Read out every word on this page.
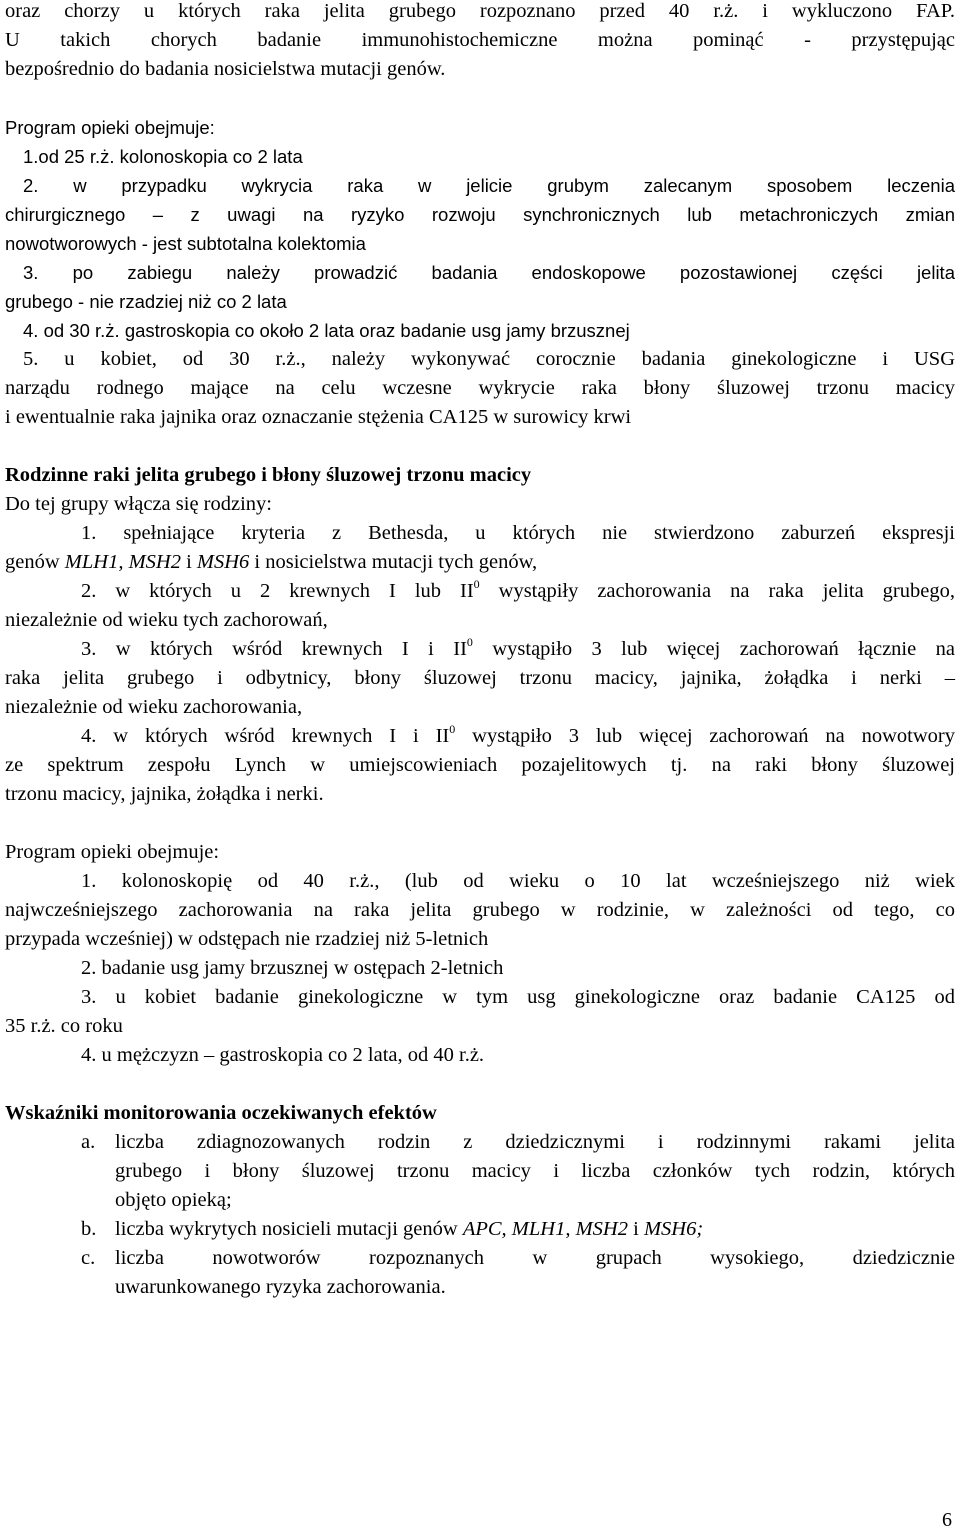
oraz chorzy u których raka jelita grubego rozpoznano przed 40 r.ż. i wykluczono FAP.
U takich chorych badanie immunohistochemiczne można pominąć - przystępując
bezpośrednio do badania nosicielstwa mutacji genów.
Program opieki obejmuje:
1.od 25 r.ż. kolonoskopia co 2 lata
2. w przypadku wykrycia raka w jelicie grubym zalecanym sposobem leczenia
chirurgicznego – z uwagi na ryzyko rozwoju synchronicznych lub metachroniczych zmian
nowotworowych - jest subtotalna kolektomia
3. po zabiegu należy prowadzić badania endoskopowe pozostawionej części jelita
grubego - nie rzadziej niż co 2 lata
4. od 30 r.ż. gastroskopia co około 2 lata oraz badanie usg jamy brzusznej
5. u kobiet, od 30 r.ż., należy wykonywać corocznie badania ginekologiczne i USG
narządu rodnego mające na celu wczesne wykrycie raka błony śluzowej trzonu macicy
i ewentualnie raka jajnika oraz oznaczanie stężenia CA125 w surowicy krwi
Rodzinne raki jelita grubego i błony śluzowej trzonu macicy
Do tej grupy włącza się rodziny:
1. spełniające kryteria z Bethesda, u których nie stwierdzono zaburzeń ekspresji
genów MLH1, MSH2 i MSH6 i nosicielstwa mutacji tych genów,
2. w których u 2 krewnych I lub $II^0$ wystąpiły zachorowania na raka jelita grubego,
niezależnie od wieku tych zachorowań,
3. w których wśród krewnych I i $II^0$ wystąpiło 3 lub więcej zachorowań łącznie na
raka jelita grubego i odbytnicy, błony śluzowej trzonu macicy, jajnika, żołądka i nerki –
niezależnie od wieku zachorowania,
4. w których wśród krewnych I i $II^0$ wystąpiło 3 lub więcej zachorowań na nowotwory
ze spektrum zespołu Lynch w umiejscowieniach pozajelitowych tj. na raki błony śluzowej
trzonu macicy, jajnika, żołądka i nerki.
Program opieki obejmuje:
1. kolonoskopię od 40 r.ż., (lub od wieku o 10 lat wcześniejszego niż wiek
najwcześniejszego zachorowania na raka jelita grubego w rodzinie, w zależności od tego, co
przypada wcześniej) w odstępach nie rzadziej niż 5-letnich
2. badanie usg jamy brzusznej w ostępach 2-letnich
3. u kobiet badanie ginekologiczne w tym usg ginekologiczne oraz badanie CA125 od
35 r.ż. co roku
4. u mężczyzn – gastroskopia co 2 lata, od 40 r.ż.
Wskaźniki monitorowania oczekiwanych efektów
a. liczba zdiagnozowanych rodzin z dziedzicznymi i rodzinnymi rakami jelita
grubego i błony śluzowej trzonu macicy i liczba członków tych rodzin, których
objęto opieką;
b. liczba wykrytych nosicieli mutacji genów APC, MLH1, MSH2 i MSH6;
c. liczba nowotworów rozpoznanych w grupach wysokiego, dziedzicznie
uwarunkowanego ryzyka zachorowania.
6
